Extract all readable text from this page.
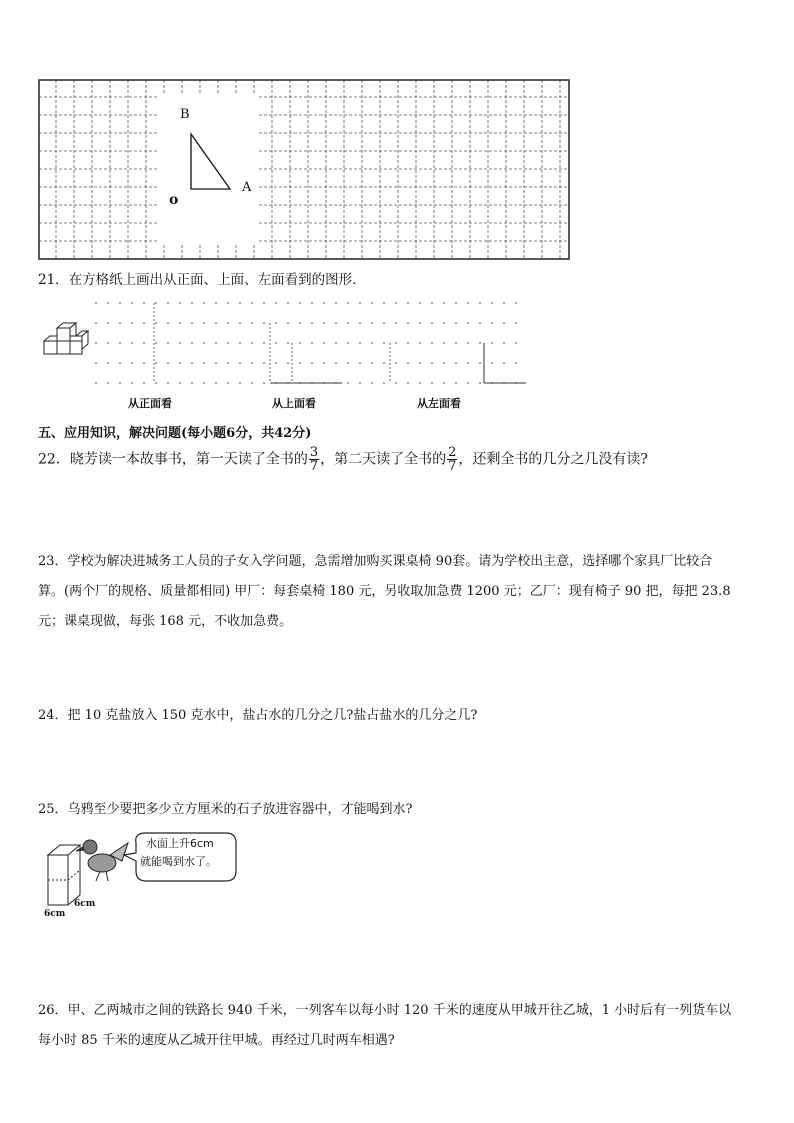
B
A
o
21．在方格纸上画出从正面、上面、左面看到的图形．
从正面看	从上面看	从左面看
五、应用知识，解决问题(每小题6分，共42分)
22．晓芳读一本故事书，第一天读了全书的 $\frac{3}{7}$ ，第二天读了全书的 $\frac{2}{7}$ ，还剩全书的几分之几没有读?
23．学校为解决进城务工人员的子女入学问题，急需增加购买课桌椅 90套。请为学校出主意，选择哪个家具厂比较合
算。(两个厂的规格、质量都相同) 甲厂：每套桌椅 180 元，另收取加急费 1200 元；乙厂：现有椅子 90 把，每把 23.8
元；课桌现做，每张 168 元，不收加急费。
24．把 10 克盐放入 150 克水中，盐占水的几分之几?盐占盐水的几分之几?
25．乌鸦至少要把多少立方厘米的石子放进容器中，才能喝到水?
水面上升6cm
就能喝到水了。
6cm
6cm
26．甲、乙两城市之间的铁路长 940 千米，一列客车以每小时 120 千米的速度从甲城开往乙城，1 小时后有一列货车以
每小时 85 千米的速度从乙城开往甲城。再经过几时两车相遇?
